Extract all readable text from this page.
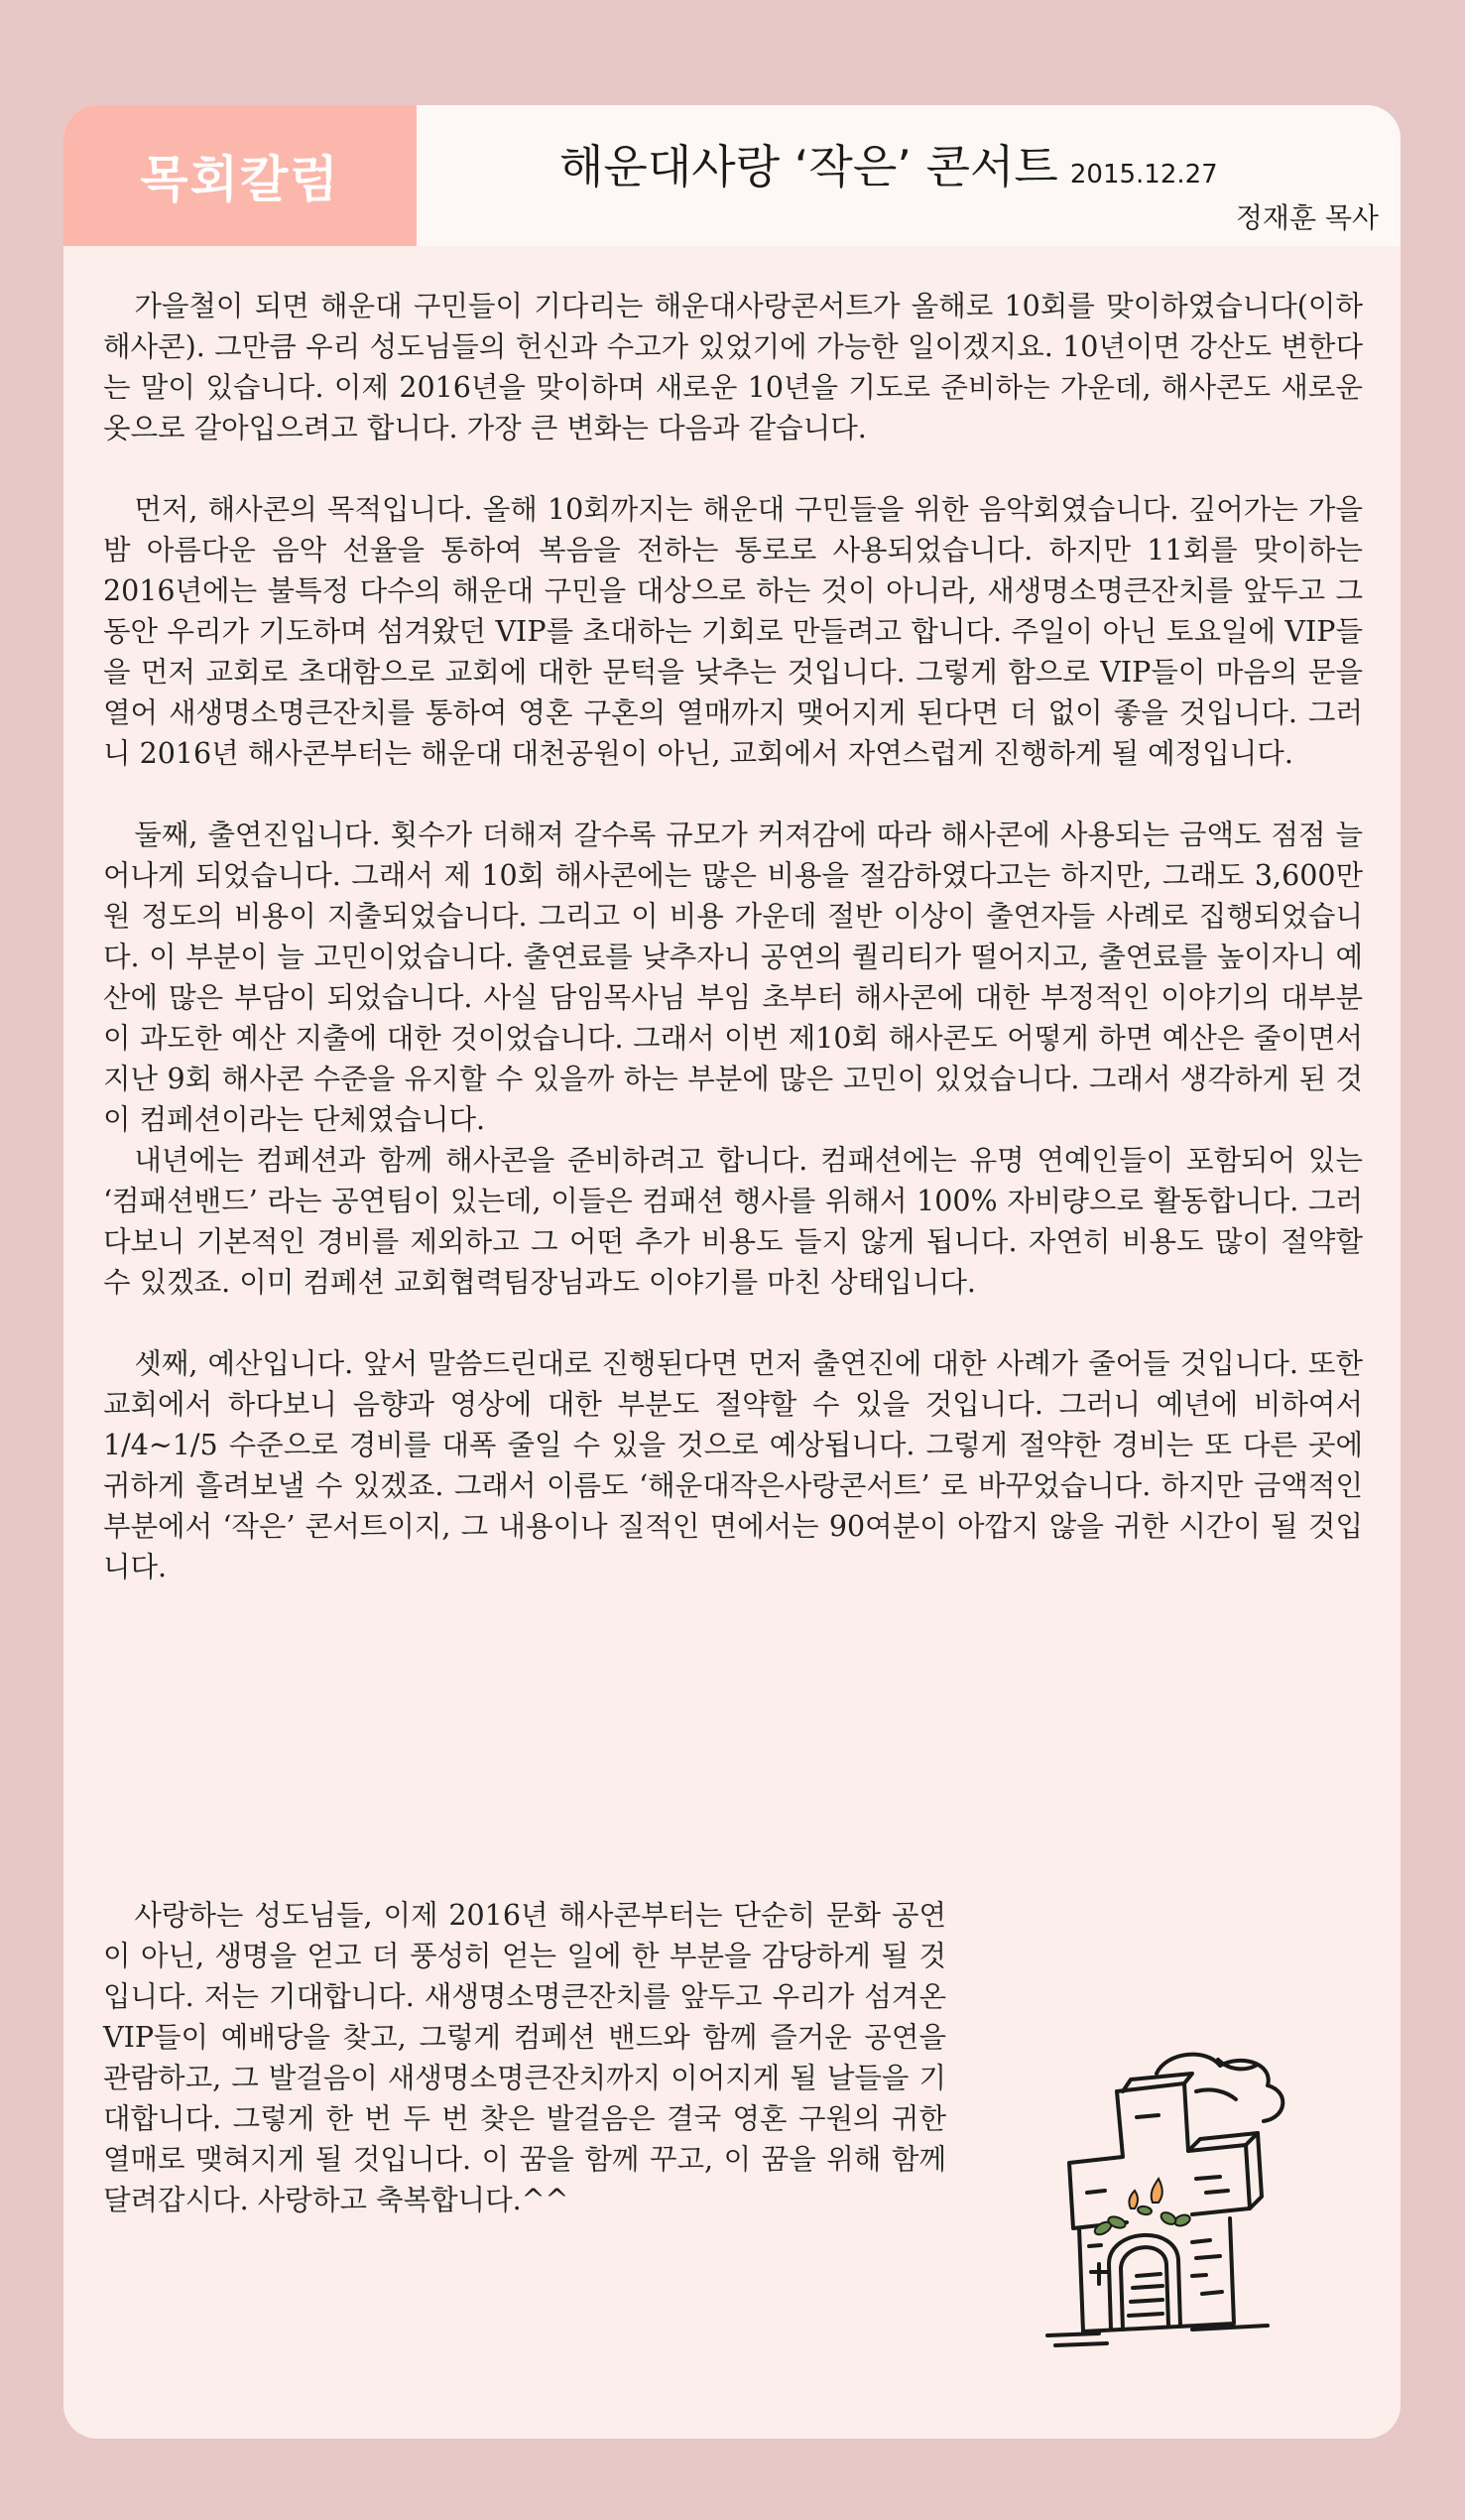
목회칼럼	해운대사랑 ‘작은’ 콘서트 2015.12.27
정재훈 목사

가을철이 되면 해운대 구민들이 기다리는 해운대사랑콘서트가 올해로 10회를 맞이하였습니다(이하 해사콘). 그만큼 우리 성도님들의 헌신과 수고가 있었기에 가능한 일이겠지요. 10년이면 강산도 변한다는 말이 있습니다. 이제 2016년을 맞이하며 새로운 10년을 기도로 준비하는 가운데, 해사콘도 새로운 옷으로 갈아입으려고 합니다. 가장 큰 변화는 다음과 같습니다.

먼저, 해사콘의 목적입니다. 올해 10회까지는 해운대 구민들을 위한 음악회였습니다. 깊어가는 가을 밤 아름다운 음악 선율을 통하여 복음을 전하는 통로로 사용되었습니다. 하지만 11회를 맞이하는 2016년에는 불특정 다수의 해운대 구민을 대상으로 하는 것이 아니라, 새생명소명큰잔치를 앞두고 그동안 우리가 기도하며 섬겨왔던 VIP를 초대하는 기회로 만들려고 합니다. 주일이 아닌 토요일에 VIP들을 먼저 교회로 초대함으로 교회에 대한 문턱을 낮추는 것입니다. 그렇게 함으로 VIP들이 마음의 문을 열어 새생명소명큰잔치를 통하여 영혼 구혼의 열매까지 맺어지게 된다면 더 없이 좋을 것입니다. 그러니 2016년 해사콘부터는 해운대 대천공원이 아닌, 교회에서 자연스럽게 진행하게 될 예정입니다.

둘째, 출연진입니다. 횟수가 더해져 갈수록 규모가 커져감에 따라 해사콘에 사용되는 금액도 점점 늘어나게 되었습니다. 그래서 제 10회 해사콘에는 많은 비용을 절감하였다고는 하지만, 그래도 3,600만원 정도의 비용이 지출되었습니다. 그리고 이 비용 가운데 절반 이상이 출연자들 사례로 집행되었습니다. 이 부분이 늘 고민이었습니다. 출연료를 낮추자니 공연의 퀄리티가 떨어지고, 출연료를 높이자니 예산에 많은 부담이 되었습니다. 사실 담임목사님 부임 초부터 해사콘에 대한 부정적인 이야기의 대부분이 과도한 예산 지출에 대한 것이었습니다. 그래서 이번 제10회 해사콘도 어떻게 하면 예산은 줄이면서 지난 9회 해사콘 수준을 유지할 수 있을까 하는 부분에 많은 고민이 있었습니다. 그래서 생각하게 된 것이 컴페션이라는 단체였습니다.

내년에는 컴페션과 함께 해사콘을 준비하려고 합니다. 컴패션에는 유명 연예인들이 포함되어 있는 ‘컴패션밴드’ 라는 공연팀이 있는데, 이들은 컴패션 행사를 위해서 100% 자비량으로 활동합니다. 그러다보니 기본적인 경비를 제외하고 그 어떤 추가 비용도 들지 않게 됩니다. 자연히 비용도 많이 절약할 수 있겠죠. 이미 컴페션 교회협력팀장님과도 이야기를 마친 상태입니다.

셋째, 예산입니다. 앞서 말씀드린대로 진행된다면 먼저 출연진에 대한 사례가 줄어들 것입니다. 또한 교회에서 하다보니 음향과 영상에 대한 부분도 절약할 수 있을 것입니다. 그러니 예년에 비하여서 1/4~1/5 수준으로 경비를 대폭 줄일 수 있을 것으로 예상됩니다. 그렇게 절약한 경비는 또 다른 곳에 귀하게 흘려보낼 수 있겠죠. 그래서 이름도 ‘해운대작은사랑콘서트’ 로 바꾸었습니다. 하지만 금액적인 부분에서 ‘작은’ 콘서트이지, 그 내용이나 질적인 면에서는 90여분이 아깝지 않을 귀한 시간이 될 것입니다.

사랑하는 성도님들, 이제 2016년 해사콘부터는 단순히 문화 공연이 아닌, 생명을 얻고 더 풍성히 얻는 일에 한 부분을 감당하게 될 것입니다. 저는 기대합니다. 새생명소명큰잔치를 앞두고 우리가 섬겨온 VIP들이 예배당을 찾고, 그렇게 컴페션 밴드와 함께 즐거운 공연을 관람하고, 그 발걸음이 새생명소명큰잔치까지 이어지게 될 날들을 기대합니다. 그렇게 한 번 두 번 찾은 발걸음은 결국 영혼 구원의 귀한 열매로 맺혀지게 될 것입니다. 이 꿈을 함께 꾸고, 이 꿈을 위해 함께 달려갑시다. 사랑하고 축복합니다.^^
